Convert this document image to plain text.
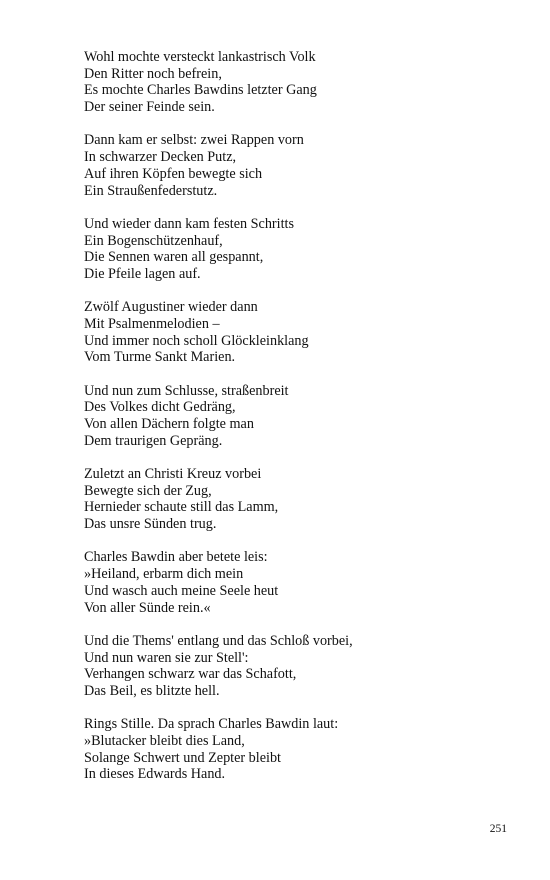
Wohl mochte versteckt lankastrisch Volk
Den Ritter noch befrein,
Es mochte Charles Bawdins letzter Gang
Der seiner Feinde sein.
Dann kam er selbst: zwei Rappen vorn
In schwarzer Decken Putz,
Auf ihren Köpfen bewegte sich
Ein Straußenfederstutz.
Und wieder dann kam festen Schritts
Ein Bogenschützenhauf,
Die Sennen waren all gespannt,
Die Pfeile lagen auf.
Zwölf Augustiner wieder dann
Mit Psalmenmelodien –
Und immer noch scholl Glöckleinklang
Vom Turme Sankt Marien.
Und nun zum Schlusse, straßenbreit
Des Volkes dicht Gedräng,
Von allen Dächern folgte man
Dem traurigen Gepräng.
Zuletzt an Christi Kreuz vorbei
Bewegte sich der Zug,
Hernieder schaute still das Lamm,
Das unsre Sünden trug.
Charles Bawdin aber betete leis:
»Heiland, erbarm dich mein
Und wasch auch meine Seele heut
Von aller Sünde rein.«
Und die Thems' entlang und das Schloß vorbei,
Und nun waren sie zur Stell':
Verhangen schwarz war das Schafott,
Das Beil, es blitzte hell.
Rings Stille. Da sprach Charles Bawdin laut:
»Blutacker bleibt dies Land,
Solange Schwert und Zepter bleibt
In dieses Edwards Hand.
251
